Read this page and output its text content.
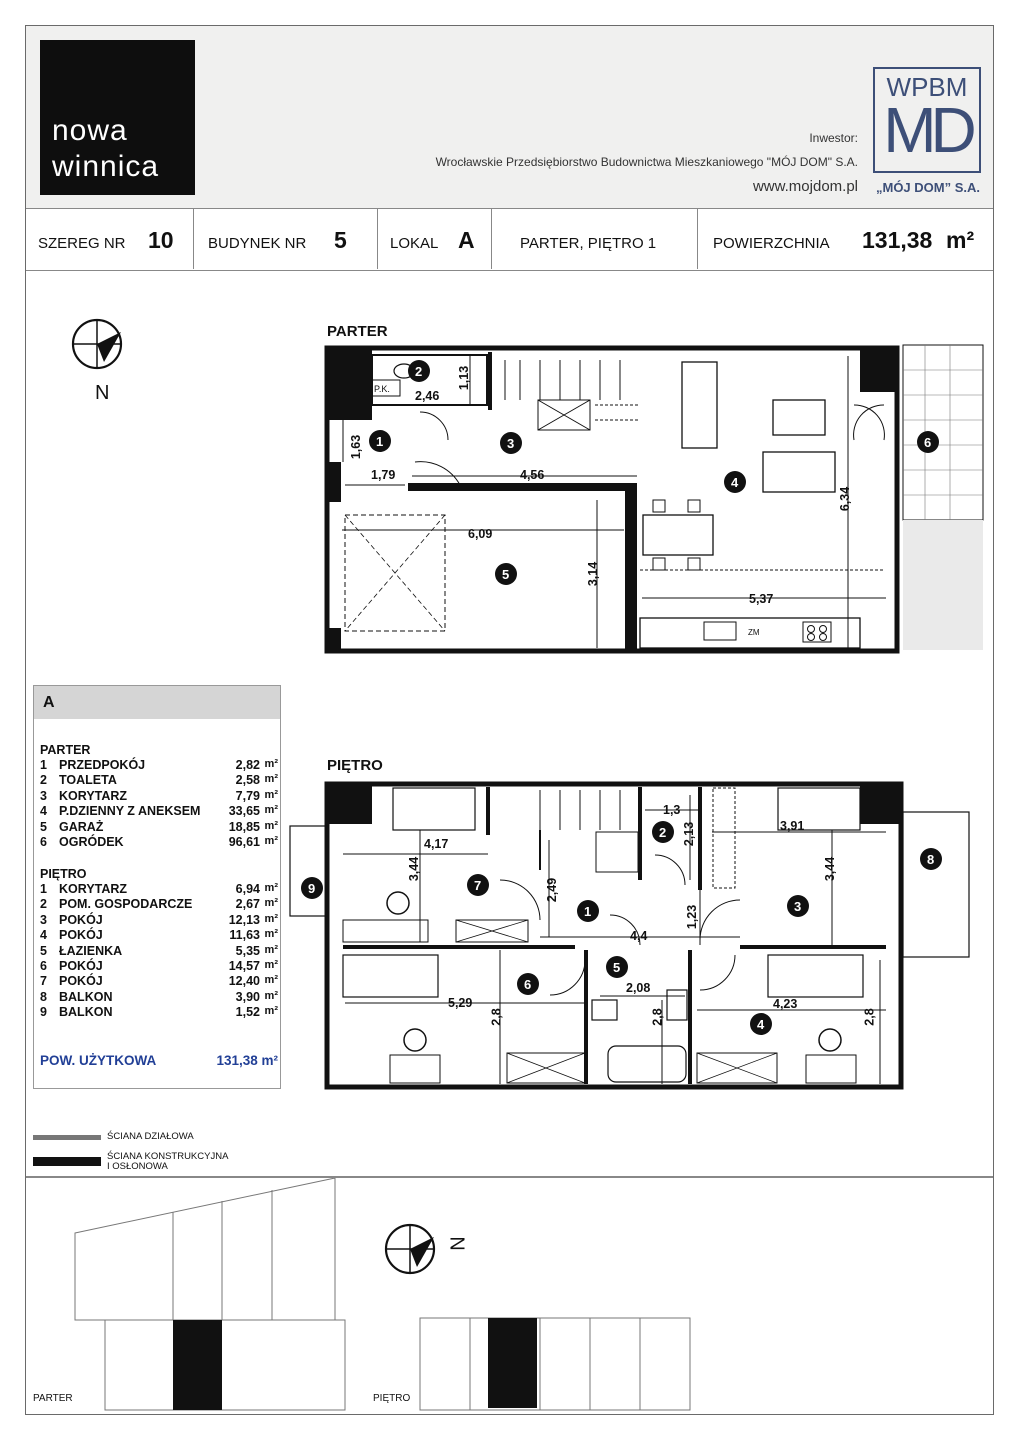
nowa
winnica
Inwestor:
Wrocławskie Przedsiębiorstwo Budownictwa Mieszkaniowego "MÓJ DOM" S.A.
www.mojdom.pl
WPBM
MD
„MÓJ DOM” S.A.
SZEREG NR 10 BUDYNEK NR 5	LOKAL A	PARTER, PIĘTRO 1	POWIERZCHNIA 131,38 m²
2
1	3
4
5
6
2
7
1	3
9
8
5
6
4
PARTER
PIĘTRO
N
N
P.K.
ZM
2,46
1,13
1,63
1,79	4,56
6,09
3,14
6,34
5,37
1,3
2,13	3,91
4,17
3,44
2,49
3,44
1,23
4,4
2,08
5,29
2,8	2,8
4,23
2,8
A
PARTER
1 PRZEDPOKÓJ	2,82 m²
2 TOALETA	2,58 m²
3 KORYTARZ	7,79 m²
4 P.DZIENNY Z ANEKSEM 33,65 m²
5 GARAŻ	18,85 m²
6 OGRÓDEK	96,61 m²
PIĘTRO
1 KORYTARZ	6,94 m²
2 POM. GOSPODARCZE	2,67 m²
3 POKÓJ	12,13 m²
4 POKÓJ	11,63 m²
5 ŁAZIENKA	5,35 m²
6 POKÓJ	14,57 m²
7 POKÓJ	12,40 m²
8 BALKON	3,90 m²
9 BALKON	1,52 m²
POW. UŻYTKOWA	131,38 m²
ŚCIANA DZIAŁOWA
ŚCIANA KONSTRUKCYJNA
I OSŁONOWA
PARTER	PIĘTRO
